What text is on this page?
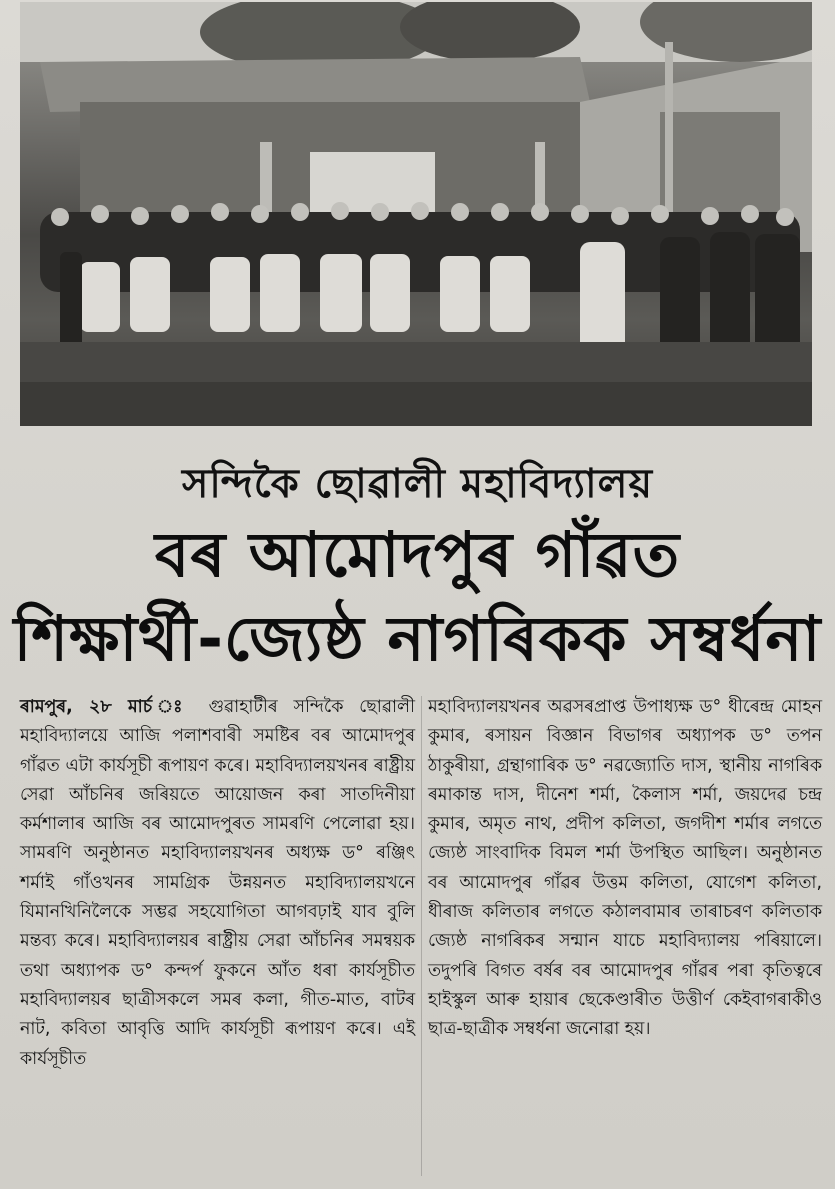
সন্দিকৈ ছোৱালী মহাবিদ্যালয়
বৰ আমোদপুৰ গাঁৱত
শিক্ষাৰ্থী-জ্যেষ্ঠ নাগৰিকক সম্বৰ্ধনা

ৰামপুৰ, ২৮ মাৰ্চ ঃ গুৱাহাটীৰ সন্দিকৈ ছোৱালী মহাবিদ্যালয়ে আজি পলাশবাৰী সমষ্টিৰ বৰ আমোদপুৰ গাঁৱত এটা কাৰ্যসূচী ৰূপায়ণ কৰে। মহাবিদ্যালয়খনৰ ৰাষ্ট্ৰীয় সেৱা আঁচনিৰ জৰিয়তে আয়োজন কৰা সাতদিনীয়া কৰ্মশালাৰ আজি বৰ আমোদপুৰত সামৰণি পেলোৱা হয়। সামৰণি অনুষ্ঠানত মহাবিদ্যালয়খনৰ অধ্যক্ষ ড° ৰঞ্জিৎ শৰ্মাই গাঁওখনৰ সামগ্ৰিক উন্নয়নত মহাবিদ্যালয়খনে যিমানখিনিলৈকে সম্ভৱ সহযোগিতা আগবঢ়াই যাব বুলি মন্তব্য কৰে। মহাবিদ্যালয়ৰ ৰাষ্ট্ৰীয় সেৱা আঁচনিৰ সমন্বয়ক তথা অধ্যাপক ড° কন্দৰ্প ফুকনে আঁত ধৰা কাৰ্যসূচীত মহাবিদ্যালয়ৰ ছাত্ৰীসকলে সমৰ কলা, গীত-মাত, বাটৰ নাট, কবিতা আবৃত্তি আদি কাৰ্যসূচী ৰূপায়ণ কৰে। এই কাৰ্যসূচীত

মহাবিদ্যালয়খনৰ অৱসৰপ্ৰাপ্ত উপাধ্যক্ষ ড° ধীৰেন্দ্ৰ মোহন কুমাৰ, ৰসায়ন বিজ্ঞান বিভাগৰ অধ্যাপক ড° তপন ঠাকুৰীয়া, গ্ৰন্থাগাৰিক ড° নৱজ্যোতি দাস, স্থানীয় নাগৰিক ৰমাকান্ত দাস, দীনেশ শৰ্মা, কৈলাস শৰ্মা, জয়দেৱ চন্দ্ৰ কুমাৰ, অমৃত নাথ, প্ৰদীপ কলিতা, জগদীশ শৰ্মাৰ লগতে জ্যেষ্ঠ সাংবাদিক বিমল শৰ্মা উপস্থিত আছিল। অনুষ্ঠানত বৰ আমোদপুৰ গাঁৱৰ উত্তম কলিতা, যোগেশ কলিতা, ধীৰাজ কলিতাৰ লগতে কঠালবামাৰ তাৰাচৰণ কলিতাক জ্যেষ্ঠ নাগৰিকৰ সন্মান যাচে মহাবিদ্যালয় পৰিয়ালে। তদুপৰি বিগত বৰ্ষৰ বৰ আমোদপুৰ গাঁৱৰ পৰা কৃতিত্বৰে হাইস্কুল আৰু হায়াৰ ছেকেণ্ডাৰীত উত্তীৰ্ণ কেইবাগৰাকীও ছাত্ৰ-ছাত্ৰীক সম্বৰ্ধনা জনোৱা হয়।
